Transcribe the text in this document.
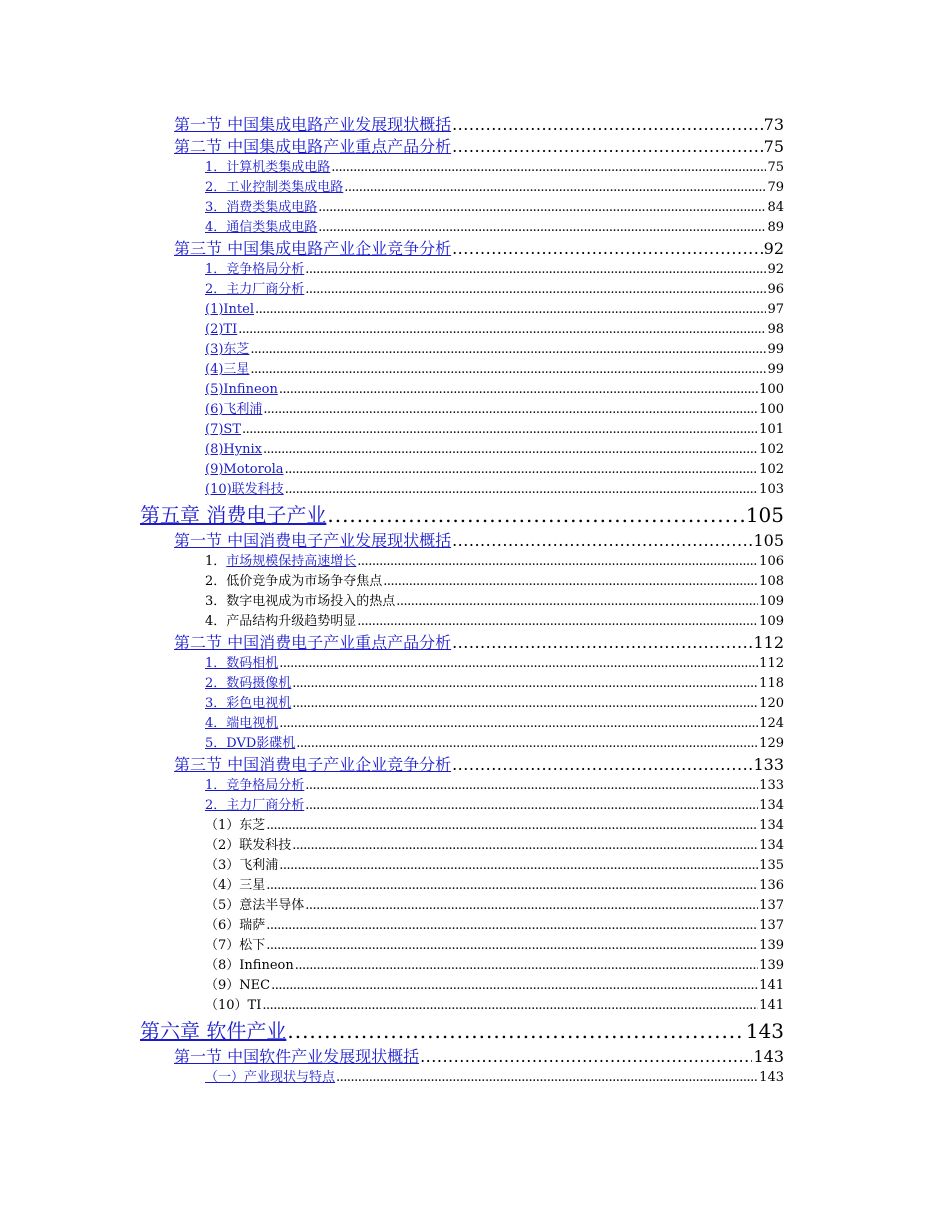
第一节 中国集成电路产业发展现状概括 .....	73
第二节 中国集成电路产业重点产品分析 .....	75
1．计算机类集成电路 .....	75
2．工业控制类集成电路 .....	79
3．消费类集成电路 .....	84
4．通信类集成电路 .....	89
第三节 中国集成电路产业企业竞争分析 .....	92
1．竞争格局分析 .....	92
2．主力厂商分析 .....	96
(1)Intel .....	97
(2)TI .....	98
(3)东芝 .....	99
(4)三星 .....	99
(5)Infineon .....	100
(6)飞利浦 .....	100
(7)ST .....	101
(8)Hynix .....	102
(9)Motorola .....	102
(10)联发科技 .....	103
第五章 消费电子产业 .....	105
第一节 中国消费电子产业发展现状概括 .....	105
1．市场规模保持高速增长 .....	106
2．低价竞争成为市场争夺焦点 .....	108
3．数字电视成为市场投入的热点 .....	109
4．产品结构升级趋势明显 .....	109
第二节 中国消费电子产业重点产品分析 .....	112
1．数码相机 .....	112
2．数码摄像机 .....	118
3．彩色电视机 .....	120
4．端电视机 .....	124
5．DVD影碟机 .....	129
第三节 中国消费电子产业企业竞争分析 .....	133
1．竞争格局分析 .....	133
2．主力厂商分析 .....	134
（1）东芝 .....	134
（2）联发科技 .....	134
（3）飞利浦 .....	135
（4）三星 .....	136
（5）意法半导体 .....	137
（6）瑞萨 .....	137
（7）松下 .....	139
（8）Infineon .....	139
（9）NEC .....	141
（10）TI .....	141
第六章 软件产业 .....	143
第一节 中国软件产业发展现状概括 .....	143
（一）产业现状与特点 .....	143
